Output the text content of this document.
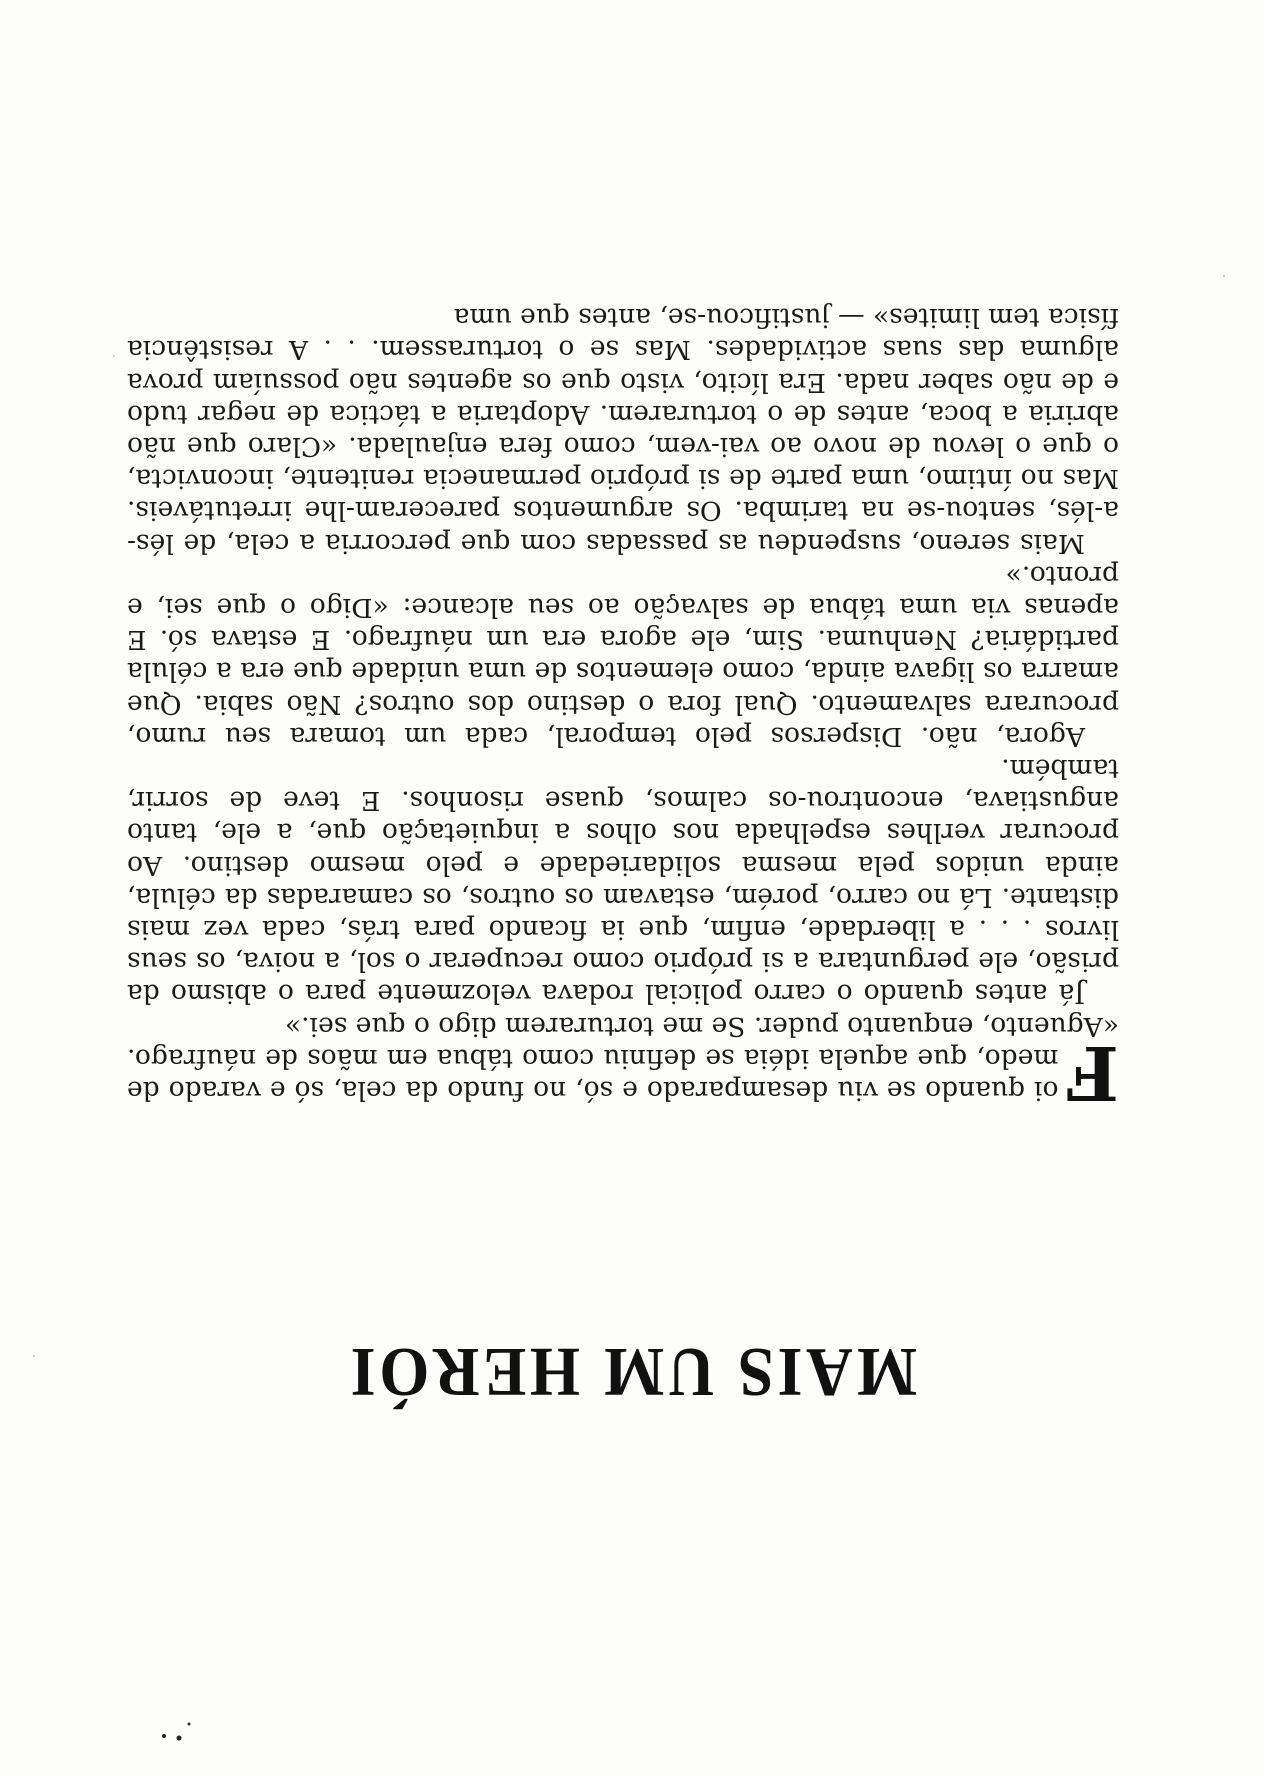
MAIS UM HERÓI

F
oi quando se viu desamparado e só, no fundo da cela, só e varado de medo, que aquela idéia se definiu como tábua em mãos de náufrago. «Aguento, enquanto puder. Se me torturarem digo o que sei.»

Já antes quando o carro policial rodava velozmente para o abismo da prisão, ele perguntara a si próprio como recuperar o sol, a noiva, os seus livros . . . a liberdade, enfim, que ia ficando para trás, cada vez mais distante. Lá no carro, porém, estavam os outros, os camaradas da célula, ainda unidos pela mesma solidariedade e pelo mesmo destino. Ao procurar verlhes espelhada nos olhos a inquietação que, a ele, tanto angustiava, encontrou-os calmos, quase risonhos. E teve de sorrir, também.

Agora, não. Dispersos pelo temporal, cada um tomara seu rumo, procurara salvamento. Qual fora o destino dos outros? Não sabia. Que amarra os ligava ainda, como elementos de uma unidade que era a célula partidária? Nenhuma. Sim, ele agora era um náufrago. E estava só. E apenas via uma tábua de salvação ao seu alcance: «Digo o que sei, e pronto.»

Mais sereno, suspendeu as passadas com que percorria a cela, de lés-a-lés, sentou-se na tarimba. Os argumentos pareceram-lhe irretutáveis. Mas no íntimo, uma parte de si próprio permanecia renitente, inconvicta, o que o levou de novo ao vai-vem, como fera enjaulada. «Claro que não abriria a boca, antes de o torturarem. Adoptaria a táctica de negar tudo e de não saber nada. Era lícito, visto que os agentes não possuíam prova alguma das suas actividades. Mas se o torturassem. . . A resistência física tem limites» — justificou-se, antes que uma
